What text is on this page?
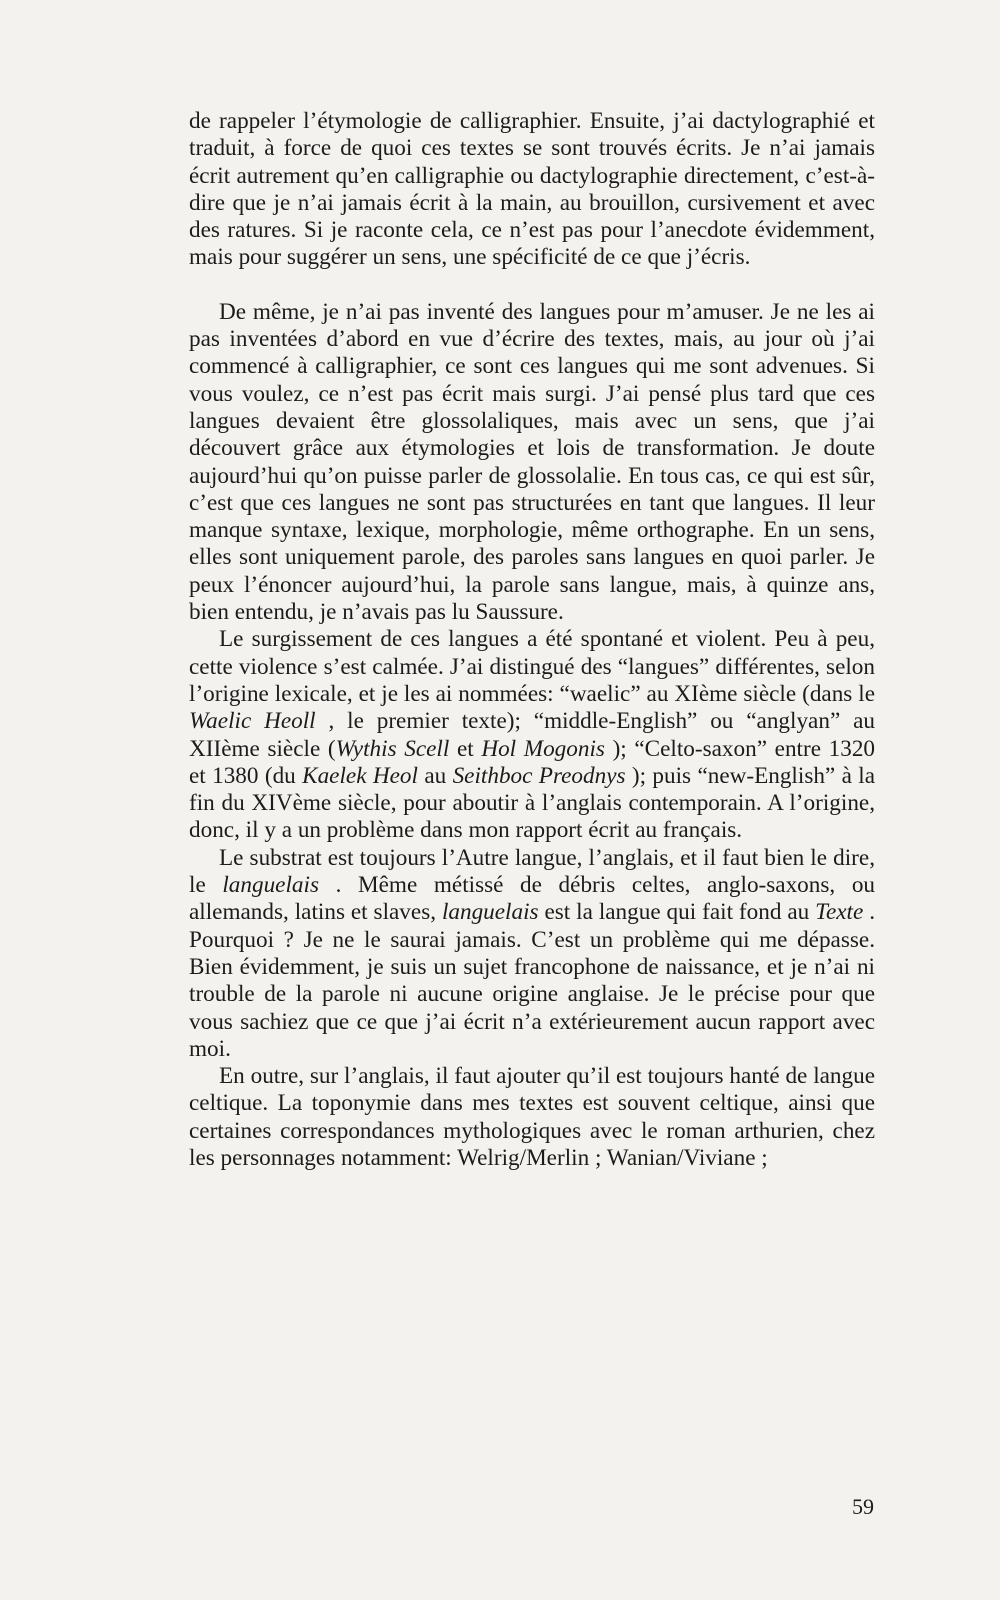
de rappeler l’étymologie de calligraphier. Ensuite, j’ai dactylographié et traduit, à force de quoi ces textes se sont trouvés écrits. Je n’ai jamais écrit autrement qu’en calligraphie ou dactylographie directement, c’est-à-dire que je n’ai jamais écrit à la main, au brouillon, cursivement et avec des ratures. Si je raconte cela, ce n’est pas pour l’anecdote évidemment, mais pour suggérer un sens, une spécificité de ce que j’écris.

De même, je n’ai pas inventé des langues pour m’amuser. Je ne les ai pas inventées d’abord en vue d’écrire des textes, mais, au jour où j’ai commencé à calligraphier, ce sont ces langues qui me sont advenues. Si vous voulez, ce n’est pas écrit mais surgi. J’ai pensé plus tard que ces langues devaient être glossolaliques, mais avec un sens, que j’ai découvert grâce aux étymologies et lois de transformation. Je doute aujourd’hui qu’on puisse parler de glossolalie. En tous cas, ce qui est sûr, c’est que ces langues ne sont pas structurées en tant que langues. Il leur manque syntaxe, lexique, morphologie, même orthographe. En un sens, elles sont uniquement parole, des paroles sans langues en quoi parler. Je peux l’énoncer aujourd’hui, la parole sans langue, mais, à quinze ans, bien entendu, je n’avais pas lu Saussure.

Le surgissement de ces langues a été spontané et violent. Peu à peu, cette violence s’est calmée. J’ai distingué des “langues” différentes, selon l’origine lexicale, et je les ai nommées: “waelic” au XIème siècle (dans le Waelic Heoll , le premier texte); “middle-English” ou “anglyan” au XIIème siècle (Wythis Scell et Hol Mogonis ); “Celto-saxon” entre 1320 et 1380 (du Kaelek Heol au Seithboc Preodnys ); puis “new-English” à la fin du XIVème siècle, pour aboutir à l’anglais contemporain. A l’origine, donc, il y a un problème dans mon rapport écrit au français.

Le substrat est toujours l’Autre langue, l’anglais, et il faut bien le dire, le languelais . Même métissé de débris celtes, anglo-saxons, ou allemands, latins et slaves, languelais est la langue qui fait fond au Texte . Pourquoi ? Je ne le saurai jamais. C’est un problème qui me dépasse. Bien évidemment, je suis un sujet francophone de naissance, et je n’ai ni trouble de la parole ni aucune origine anglaise. Je le précise pour que vous sachiez que ce que j’ai écrit n’a extérieurement aucun rapport avec moi.

En outre, sur l’anglais, il faut ajouter qu’il est toujours hanté de langue celtique. La toponymie dans mes textes est souvent celtique, ainsi que certaines correspondances mythologiques avec le roman arthurien, chez les personnages notamment: Welrig/Merlin ; Wanian/Viviane ;

59
